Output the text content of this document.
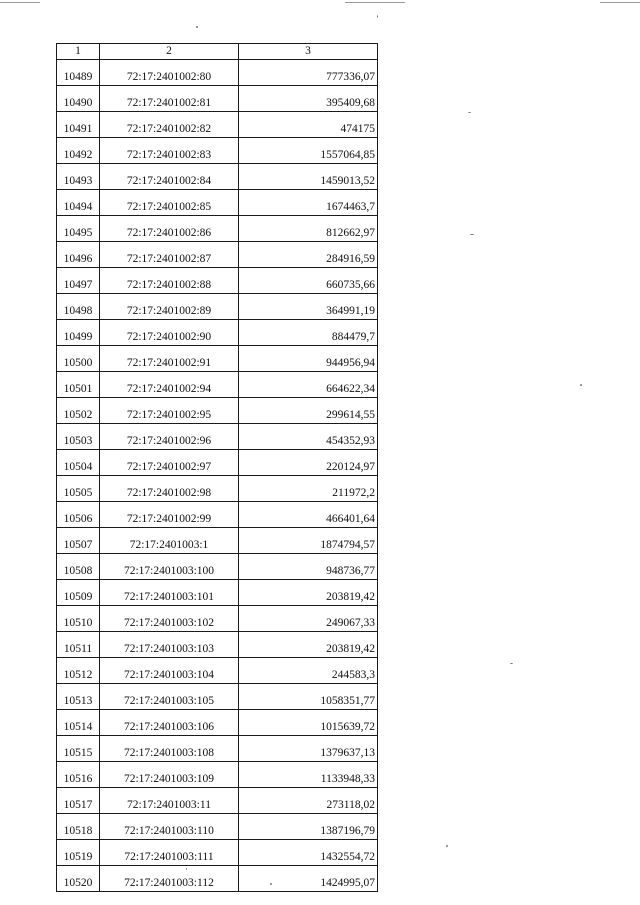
1	2	3
10489	72:17:2401002:80	777336,07
10490	72:17:2401002:81	395409,68
10491	72:17:2401002:82	474175
10492	72:17:2401002:83	1557064,85
10493	72:17:2401002:84	1459013,52
10494	72:17:2401002:85	1674463,7
10495	72:17:2401002:86	812662,97
10496	72:17:2401002:87	284916,59
10497	72:17:2401002:88	660735,66
10498	72:17:2401002:89	364991,19
10499	72:17:2401002:90	884479,7
10500	72:17:2401002:91	944956,94
10501	72:17:2401002:94	664622,34
10502	72:17:2401002:95	299614,55
10503	72:17:2401002:96	454352,93
10504	72:17:2401002:97	220124,97
10505	72:17:2401002:98	211972,2
10506	72:17:2401002:99	466401,64
10507	72:17:2401003:1	1874794,57
10508	72:17:2401003:100	948736,77
10509	72:17:2401003:101	203819,42
10510	72:17:2401003:102	249067,33
10511	72:17:2401003:103	203819,42
10512	72:17:2401003:104	244583,3
10513	72:17:2401003:105	1058351,77
10514	72:17:2401003:106	1015639,72
10515	72:17:2401003:108	1379637,13
10516	72:17:2401003:109	1133948,33
10517	72:17:2401003:11	273118,02
10518	72:17:2401003:110	1387196,79
10519	72:17:2401003:111	1432554,72
10520	72:17:2401003:112	1424995,07
